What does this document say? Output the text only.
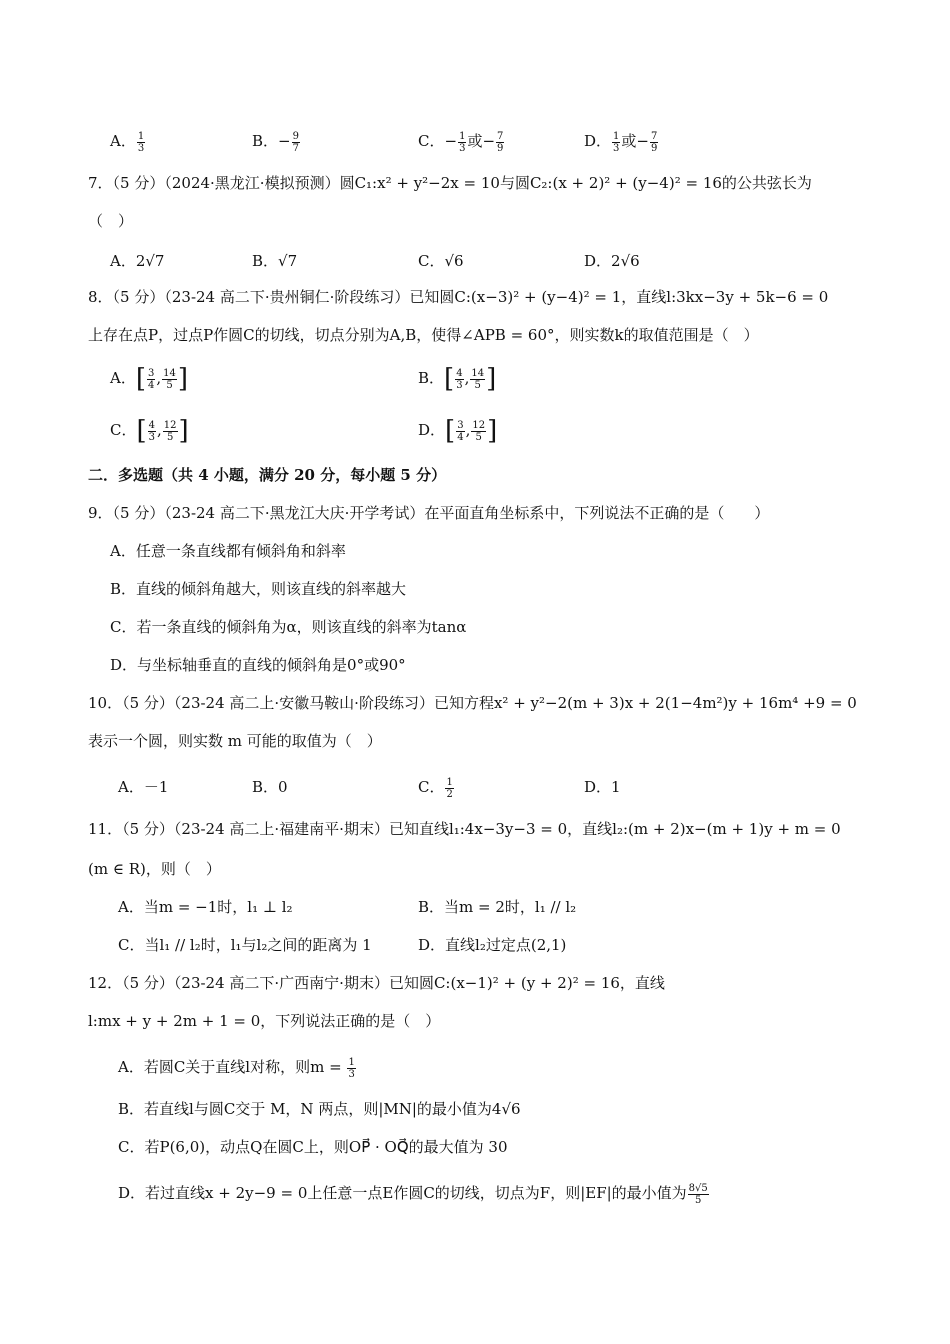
A． $\frac{1}{3}$	B．− $\frac{9}{7}$	C．− $\frac{1}{3}$ 或− $\frac{7}{9}$	D． $\frac{1}{3}$ 或− $\frac{7}{9}$
7．（5 分）（2024·黑龙江·模拟预测）圆C₁:x² + y²−2x = 10与圆C₂:(x + 2)² + (y−4)² = 16的公共弦长为
（　）
A．2√7	B．√7	C．√6	D．2√6
8．（5 分）（23-24 高二下·贵州铜仁·阶段练习）已知圆C:(x−3)² + (y−4)² = 1，直线l:3kx−3y + 5k−6 = 0
上存在点P，过点P作圆C的切线，切点分别为A,B，使得∠APB = 60°，则实数k的取值范围是（　）
A．[ $\frac{3}{4}$ , $\frac{14}{5}$ ]	B．[ $\frac{4}{3}$ , $\frac{14}{5}$ ]
C．[ $\frac{4}{3}$ , $\frac{12}{5}$ ]	D．[ $\frac{3}{4}$ , $\frac{12}{5}$ ]
二．多选题（共 4 小题，满分 20 分，每小题 5 分）
9．（5 分）（23-24 高二下·黑龙江大庆·开学考试）在平面直角坐标系中，下列说法不正确的是（　　）
A．任意一条直线都有倾斜角和斜率
B．直线的倾斜角越大，则该直线的斜率越大
C．若一条直线的倾斜角为α，则该直线的斜率为tanα
D．与坐标轴垂直的直线的倾斜角是0°或90°
10．（5 分）（23-24 高二上·安徽马鞍山·阶段练习）已知方程x² + y²−2(m + 3)x + 2(1−4m²)y + 16m⁴ +9 = 0
表示一个圆，则实数 m 可能的取值为（　）
A．－1	B．0	C． $\frac{1}{2}$	D．1
11．（5 分）（23-24 高二上·福建南平·期末）已知直线l₁:4x−3y−3 = 0，直线l₂:(m + 2)x−(m + 1)y + m = 0
(m ∈ R)，则（　）
A．当m = −1时，l₁ ⊥ l₂	B．当m = 2时，l₁ // l₂
C．当l₁ // l₂时，l₁与l₂之间的距离为 1	D．直线l₂过定点(2,1)
12．（5 分）（23-24 高二下·广西南宁·期末）已知圆C:(x−1)² + (y + 2)² = 16，直线
l:mx + y + 2m + 1 = 0，下列说法正确的是（　）
A．若圆C关于直线l对称，则$m = \frac{1}{3}$
B．若直线l与圆C交于 M，N 两点，则|MN|的最小值为4√6
C．若P(6,0)，动点Q在圆C上，则OP⃗ · OQ⃗的最大值为 30
D．若过直线x + 2y−9 = 0上任意一点E作圆C的切线，切点为F，则|EF|的最小值为 $\frac{8√5}{5}$
